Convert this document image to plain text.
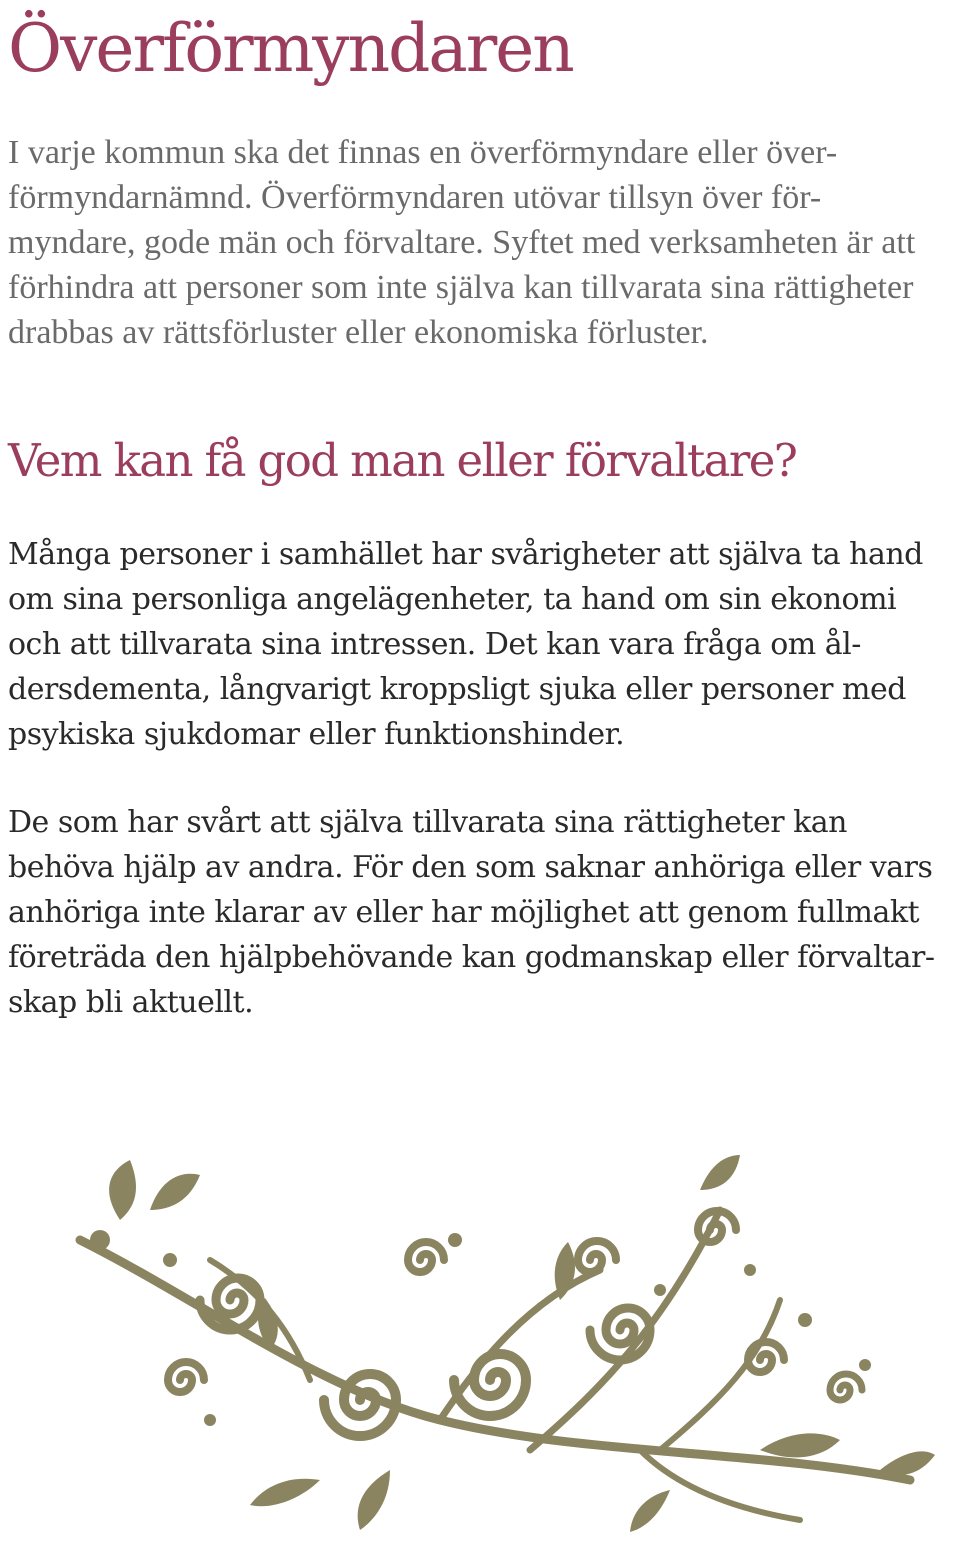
Överförmyndaren

I varje kommun ska det finnas en överförmyndare eller över-förmyndarnämnd. Överförmyndaren utövar tillsyn över för-myndare, gode män och förvaltare. Syftet med verksamheten är att förhindra att personer som inte själva kan tillvarata sina rättigheter drabbas av rättsförluster eller ekonomiska förluster.

Vem kan få god man eller förvaltare?

Många personer i samhället har svårigheter att själva ta hand om sina personliga angelägenheter, ta hand om sin ekonomi och att tillvarata sina intressen. Det kan vara fråga om ål-dersdementa, långvarigt kroppsligt sjuka eller personer med psykiska sjukdomar eller funktionshinder.

De som har svårt att själva tillvarata sina rättigheter kan behöva hjälp av andra. För den som saknar anhöriga eller vars anhöriga inte klarar av eller har möjlighet att genom fullmakt företräda den hjälpbehövande kan godmanskap eller förvaltar-skap bli aktuellt.
